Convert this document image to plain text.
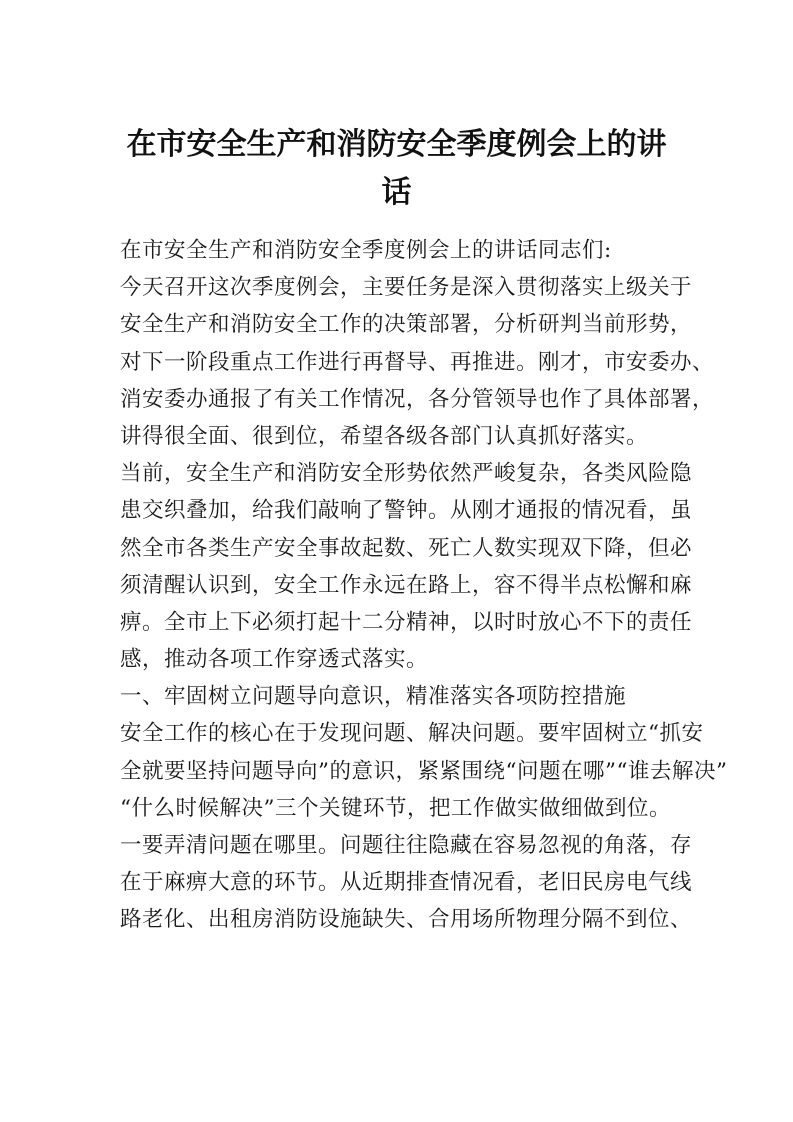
在市安全生产和消防安全季度例会上的讲
话
在市安全生产和消防安全季度例会上的讲话同志们:
今天召开这次季度例会，主要任务是深入贯彻落实上级关于
安全生产和消防安全工作的决策部署，分析研判当前形势，
对下一阶段重点工作进行再督导、再推进。刚才，市安委办、
消安委办通报了有关工作情况，各分管领导也作了具体部署，
讲得很全面、很到位，希望各级各部门认真抓好落实。
当前，安全生产和消防安全形势依然严峻复杂，各类风险隐
患交织叠加，给我们敲响了警钟。从刚才通报的情况看，虽
然全市各类生产安全事故起数、死亡人数实现双下降，但必
须清醒认识到，安全工作永远在路上，容不得半点松懈和麻
痹。全市上下必须打起十二分精神，以时时放心不下的责任
感，推动各项工作穿透式落实。
一、牢固树立问题导向意识，精准落实各项防控措施
安全工作的核心在于发现问题、解决问题。要牢固树立“抓安
全就要坚持问题导向”的意识，紧紧围绕“问题在哪”“谁去解决”
“什么时候解决”三个关键环节，把工作做实做细做到位。
一要弄清问题在哪里。问题往往隐藏在容易忽视的角落，存
在于麻痹大意的环节。从近期排查情况看，老旧民房电气线
路老化、出租房消防设施缺失、合用场所物理分隔不到位、
